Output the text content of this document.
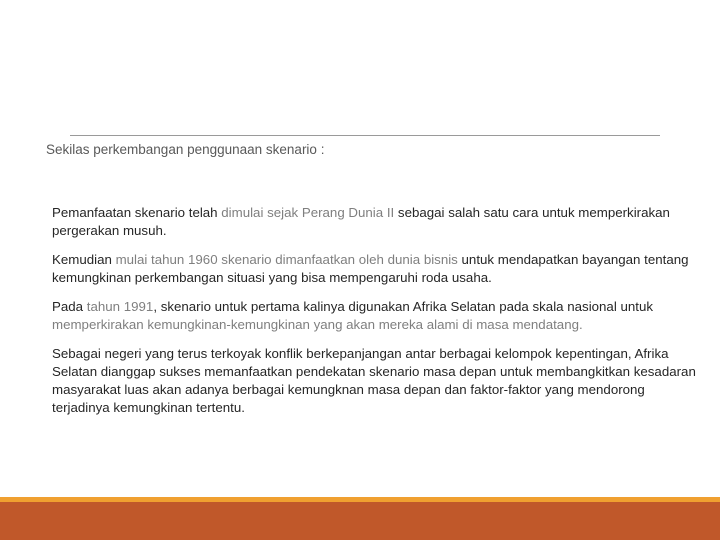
Sekilas perkembangan penggunaan skenario :

Pemanfaatan skenario telah dimulai sejak Perang Dunia II sebagai salah satu cara untuk memperkirakan pergerakan musuh.

Kemudian mulai tahun 1960 skenario dimanfaatkan oleh dunia bisnis untuk mendapatkan bayangan tentang kemungkinan perkembangan situasi yang bisa mempengaruhi roda usaha.

Pada tahun 1991, skenario untuk pertama kalinya digunakan Afrika Selatan pada skala nasional untuk memperkirakan kemungkinan-kemungkinan yang akan mereka alami di masa mendatang.

Sebagai negeri yang terus terkoyak konflik berkepanjangan antar berbagai kelompok kepentingan, Afrika Selatan dianggap sukses memanfaatkan pendekatan skenario masa depan untuk membangkitkan kesadaran masyarakat luas akan adanya berbagai kemungknan masa depan dan faktor-faktor yang mendorong terjadinya kemungkinan tertentu.
